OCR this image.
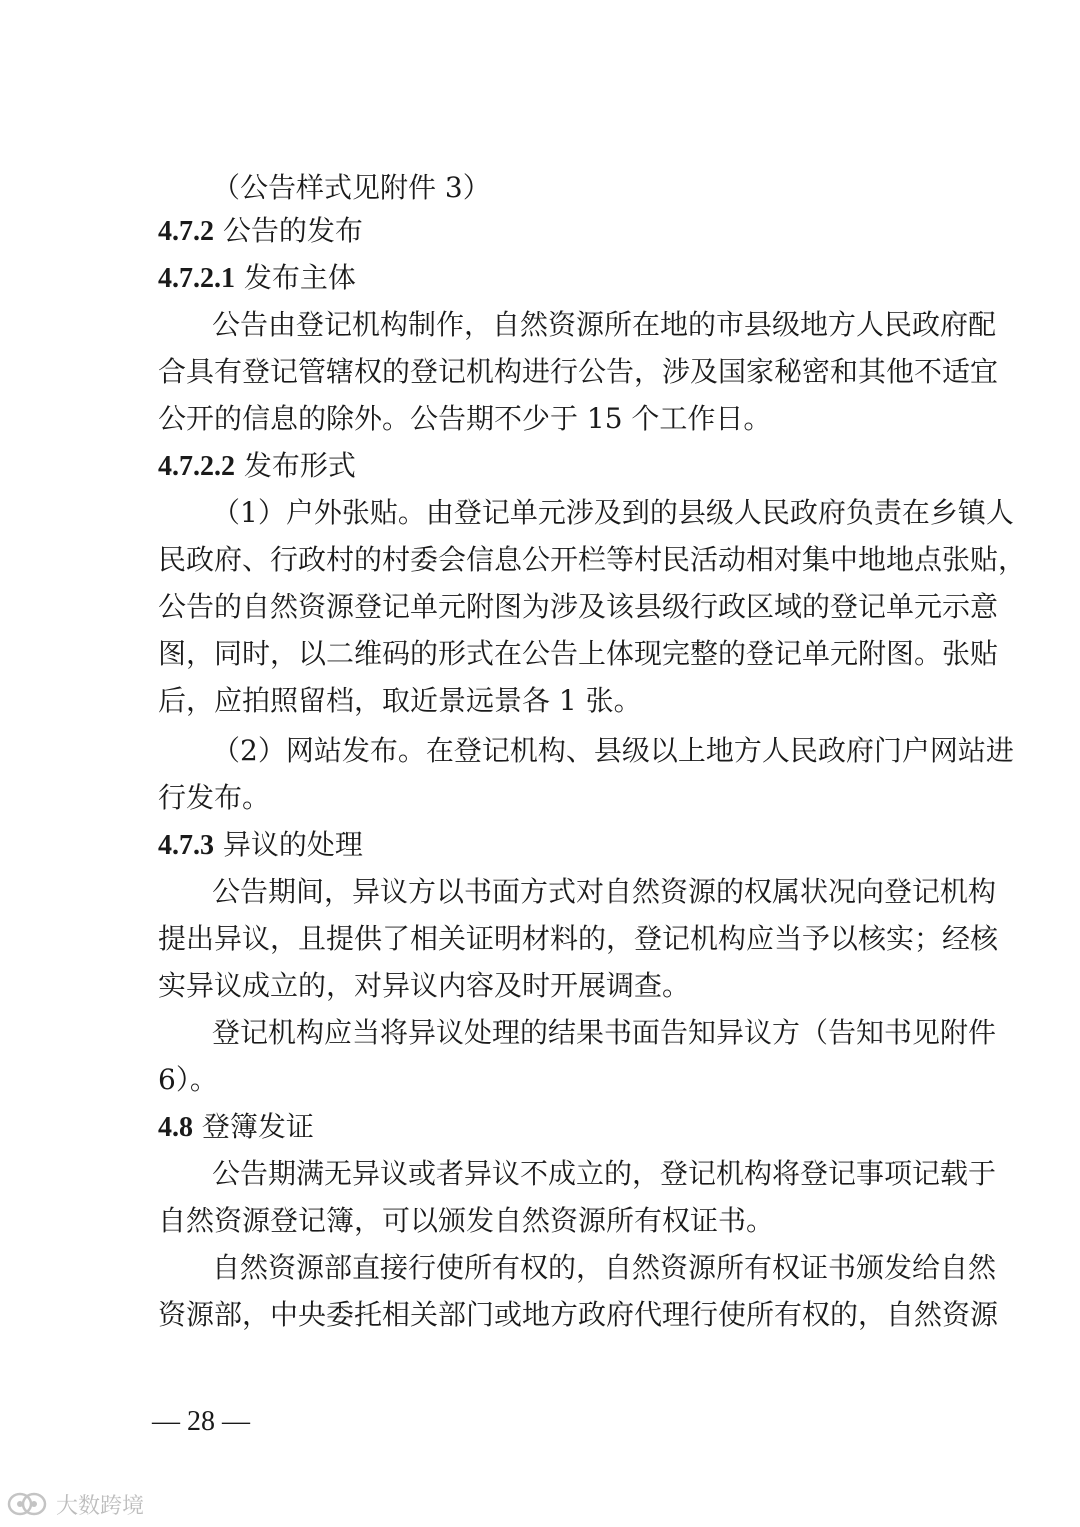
（公告样式见附件 3）
4.7.2 公告的发布
4.7.2.1 发布主体
公告由登记机构制作，自然资源所在地的市县级地方人民政府配
合具有登记管辖权的登记机构进行公告，涉及国家秘密和其他不适宜
公开的信息的除外。公告期不少于 15 个工作日。
4.7.2.2 发布形式
（1）户外张贴。由登记单元涉及到的县级人民政府负责在乡镇人
民政府、行政村的村委会信息公开栏等村民活动相对集中地地点张贴，
公告的自然资源登记单元附图为涉及该县级行政区域的登记单元示意
图，同时，以二维码的形式在公告上体现完整的登记单元附图。张贴
后，应拍照留档，取近景远景各 1 张。
（2）网站发布。在登记机构、县级以上地方人民政府门户网站进
行发布。
4.7.3 异议的处理
公告期间，异议方以书面方式对自然资源的权属状况向登记机构
提出异议，且提供了相关证明材料的，登记机构应当予以核实；经核
实异议成立的，对异议内容及时开展调查。
登记机构应当将异议处理的结果书面告知异议方（告知书见附件
6）。
4.8 登簿发证
公告期满无异议或者异议不成立的，登记机构将登记事项记载于
自然资源登记簿，可以颁发自然资源所有权证书。
自然资源部直接行使所有权的，自然资源所有权证书颁发给自然
资源部，中央委托相关部门或地方政府代理行使所有权的，自然资源
— 28 —
大数跨境
